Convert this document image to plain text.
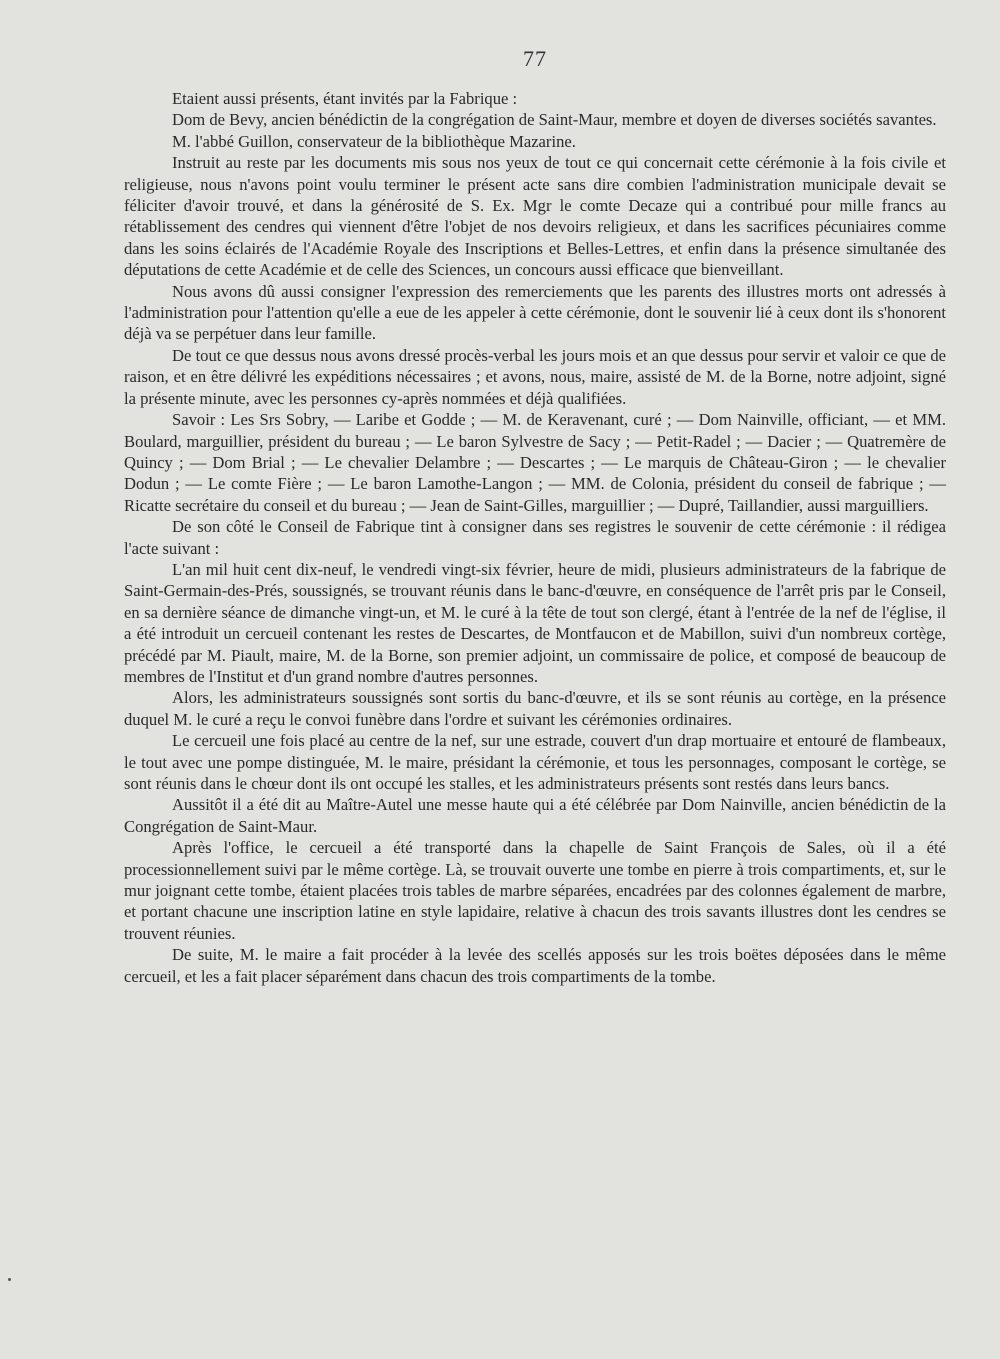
77

Etaient aussi présents, étant invités par la Fabrique :

Dom de Bevy, ancien bénédictin de la congrégation de Saint-Maur, membre et doyen de diverses sociétés savantes.

M. l'abbé Guillon, conservateur de la bibliothèque Mazarine.

Instruit au reste par les documents mis sous nos yeux de tout ce qui concernait cette cérémonie à la fois civile et religieuse, nous n'avons point voulu terminer le présent acte sans dire combien l'administration municipale devait se féliciter d'avoir trouvé, et dans la générosité de S. Ex. Mgr le comte Decaze qui a contribué pour mille francs au rétablissement des cendres qui viennent d'être l'objet de nos devoirs religieux, et dans les sacrifices pécuniaires comme dans les soins éclairés de l'Académie Royale des Inscriptions et Belles-Lettres, et enfin dans la présence simultanée des députations de cette Académie et de celle des Sciences, un concours aussi efficace que bienveillant.

Nous avons dû aussi consigner l'expression des remerciements que les parents des illustres morts ont adressés à l'administration pour l'attention qu'elle a eue de les appeler à cette cérémonie, dont le souvenir lié à ceux dont ils s'honorent déjà va se perpétuer dans leur famille.

De tout ce que dessus nous avons dressé procès-verbal les jours mois et an que dessus pour servir et valoir ce que de raison, et en être délivré les expéditions nécessaires ; et avons, nous, maire, assisté de M. de la Borne, notre adjoint, signé la présente minute, avec les personnes cy-après nommées et déjà qualifiées.

Savoir : Les Srs Sobry, — Laribe et Godde ; — M. de Keravenant, curé ; — Dom Nainville, officiant, — et MM. Boulard, marguillier, président du bureau ; — Le baron Sylvestre de Sacy ; — Petit-Radel ; — Dacier ; — Quatremère de Quincy ; — Dom Brial ; — Le chevalier Delambre ; — Descartes ; — Le marquis de Château-Giron ; — le chevalier Dodun ; — Le comte Fière ; — Le baron Lamothe-Langon ; — MM. de Colonia, président du conseil de fabrique ; — Ricatte secrétaire du conseil et du bureau ; — Jean de Saint-Gilles, marguillier ; — Dupré, Taillandier, aussi marguilliers.

De son côté le Conseil de Fabrique tint à consigner dans ses registres le souvenir de cette cérémonie : il rédigea l'acte suivant :

L'an mil huit cent dix-neuf, le vendredi vingt-six février, heure de midi, plusieurs administrateurs de la fabrique de Saint-Germain-des-Prés, soussignés, se trouvant réunis dans le banc-d'œuvre, en conséquence de l'arrêt pris par le Conseil, en sa dernière séance de dimanche vingt-un, et M. le curé à la tête de tout son clergé, étant à l'entrée de la nef de l'église, il a été introduit un cercueil contenant les restes de Descartes, de Montfaucon et de Mabillon, suivi d'un nombreux cortège, précédé par M. Piault, maire, M. de la Borne, son premier adjoint, un commissaire de police, et composé de beaucoup de membres de l'Institut et d'un grand nombre d'autres personnes.

Alors, les administrateurs soussignés sont sortis du banc-d'œuvre, et ils se sont réunis au cortège, en la présence duquel M. le curé a reçu le convoi funèbre dans l'ordre et suivant les cérémonies ordinaires.

Le cercueil une fois placé au centre de la nef, sur une estrade, couvert d'un drap mortuaire et entouré de flambeaux, le tout avec une pompe distinguée, M. le maire, présidant la cérémonie, et tous les personnages, composant le cortège, se sont réunis dans le chœur dont ils ont occupé les stalles, et les administrateurs présents sont restés dans leurs bancs.

Aussitôt il a été dit au Maître-Autel une messe haute qui a été célébrée par Dom Nainville, ancien bénédictin de la Congrégation de Saint-Maur.

Après l'office, le cercueil a été transporté dans la chapelle de Saint François de Sales, où il a été processionnellement suivi par le même cortège. Là, se trouvait ouverte une tombe en pierre à trois compartiments, et, sur le mur joignant cette tombe, étaient placées trois tables de marbre séparées, encadrées par des colonnes également de marbre, et portant chacune une inscription latine en style lapidaire, relative à chacun des trois savants illustres dont les cendres se trouvent réunies.

De suite, M. le maire a fait procéder à la levée des scellés apposés sur les trois boëtes déposées dans le même cercueil, et les a fait placer séparément dans chacun des trois compartiments de la tombe.
